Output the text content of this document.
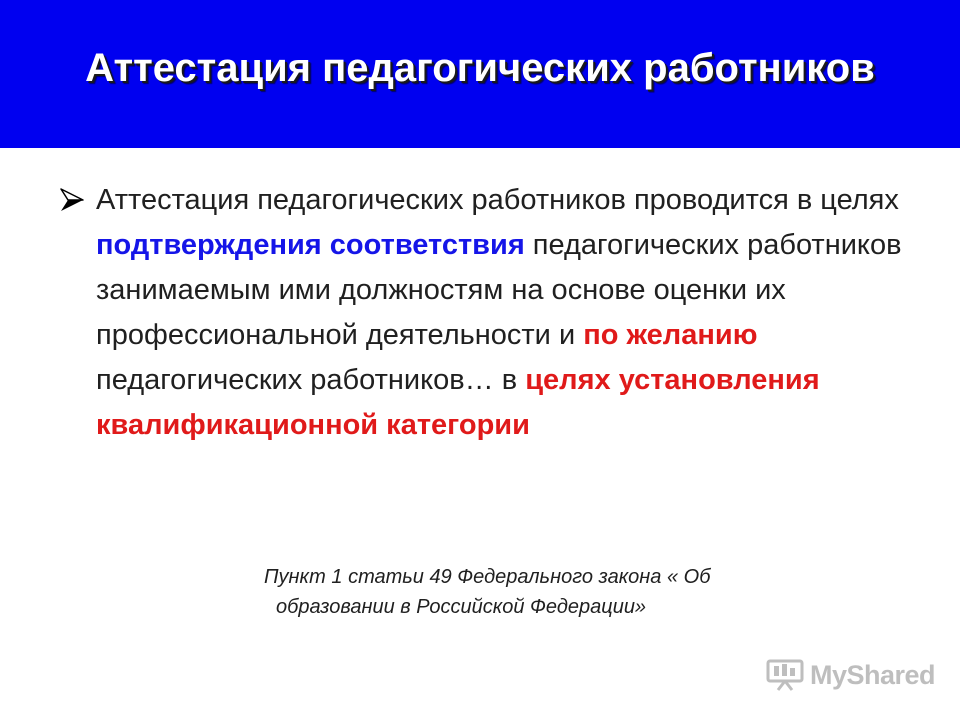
Аттестация педагогических работников

Аттестация педагогических работников проводится в целях подтверждения соответствия педагогических работников занимаемым ими должностям на основе оценки их профессиональной деятельности и по желанию педагогических работников… в целях установления квалификационной категории

Пункт 1 статьи 49 Федерального закона « Об
образовании в Российской Федерации»
MyShared
